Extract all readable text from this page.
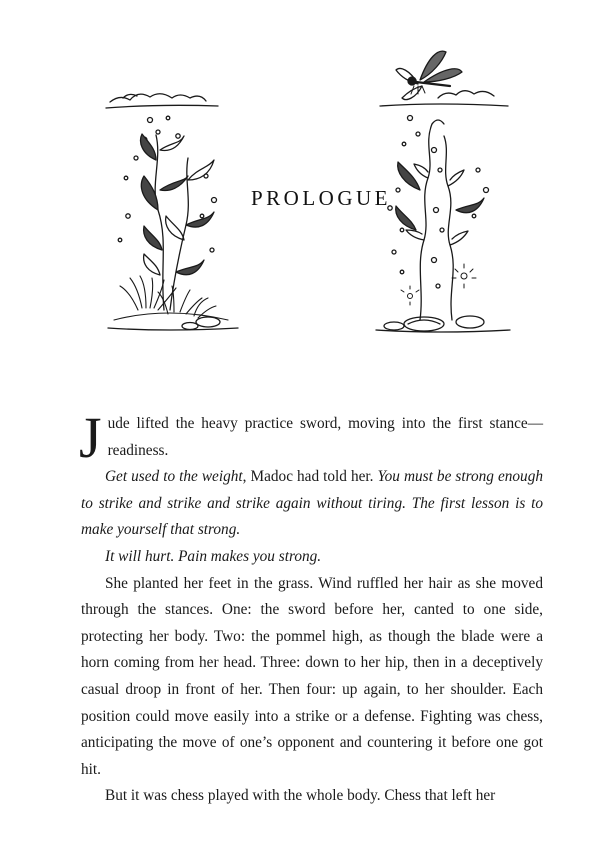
PROLOGUE

Jude lifted the heavy practice sword, moving into the first stance—readiness.

Get used to the weight, Madoc had told her. You must be strong enough to strike and strike and strike again without tiring. The first lesson is to make yourself that strong.

It will hurt. Pain makes you strong.

She planted her feet in the grass. Wind ruffled her hair as she moved through the stances. One: the sword before her, canted to one side, protecting her body. Two: the pommel high, as though the blade were a horn coming from her head. Three: down to her hip, then in a deceptively casual droop in front of her. Then four: up again, to her shoulder. Each position could move easily into a strike or a defense. Fighting was chess, anticipating the move of one’s opponent and countering it before one got hit.

But it was chess played with the whole body. Chess that left her
